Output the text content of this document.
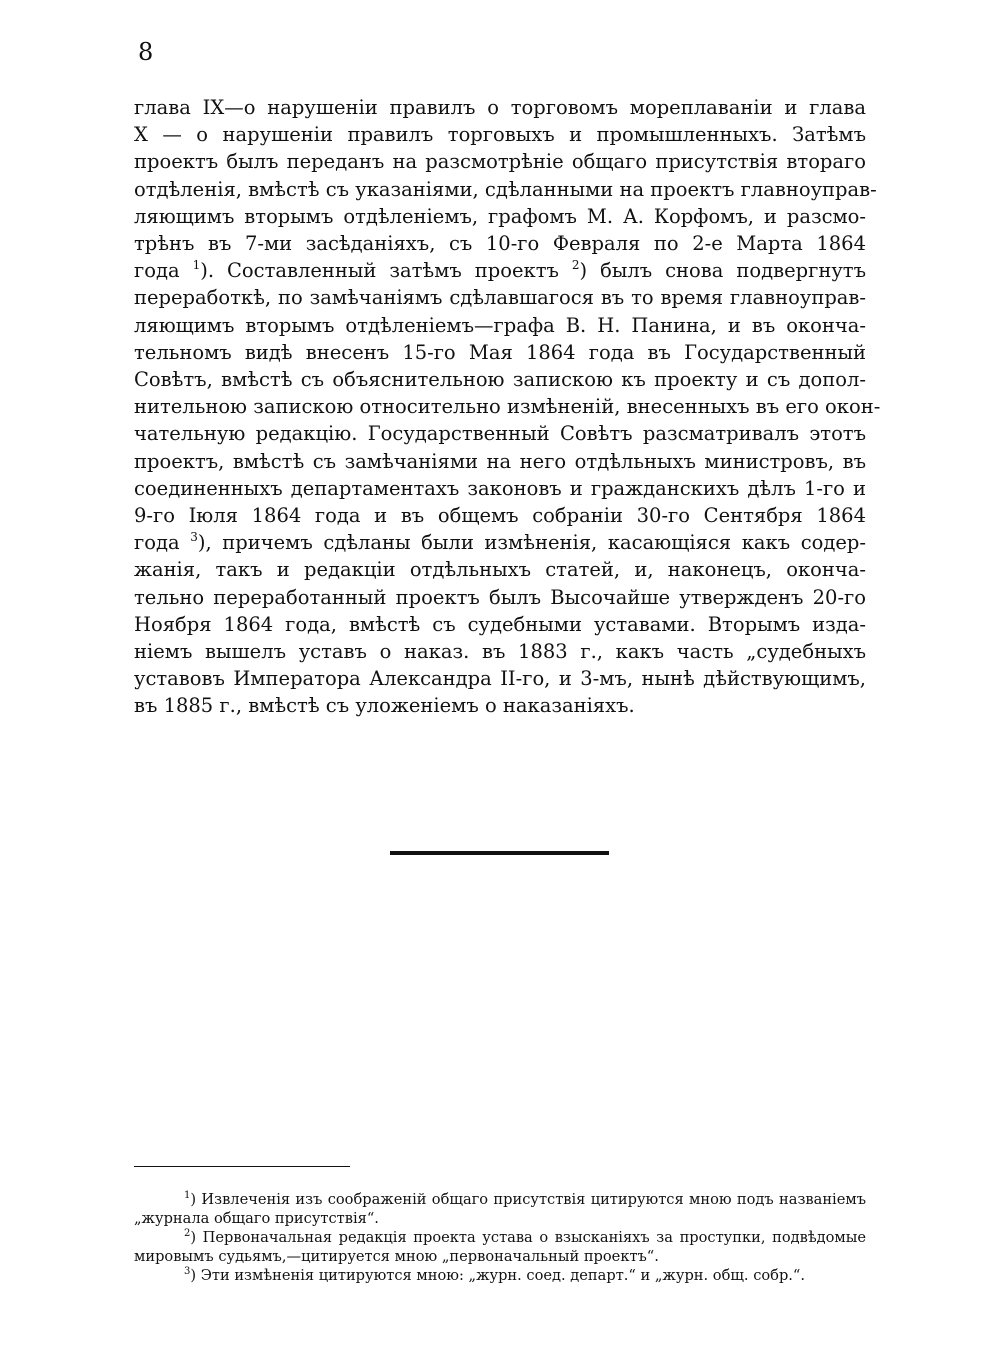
8
глава IX—о нарушеніи правилъ о торговомъ мореплаваніи и глава
X — о нарушеніи правилъ торговыхъ и промышленныхъ. Затѣмъ
проектъ былъ переданъ на разсмотрѣніе общаго присутствія втораго
отдѣленія, вмѣстѣ съ указаніями, сдѣланными на проектъ главноуправ-
ляющимъ вторымъ отдѣленіемъ, графомъ М. А. Корфомъ, и разсмо-
трѣнъ въ 7-ми засѣданіяхъ, съ 10-го Февраля по 2-е Марта 1864
года $^1$). Составленный затѣмъ проектъ $^2$) былъ снова подвергнутъ
переработкѣ, по замѣчаніямъ сдѣлавшагося въ то время главноуправ-
ляющимъ вторымъ отдѣленіемъ—графа В. Н. Панина, и въ оконча-
тельномъ видѣ внесенъ 15-го Мая 1864 года въ Государственный
Совѣтъ, вмѣстѣ съ объяснительною запискою къ проекту и съ допол-
нительною запискою относительно измѣненій, внесенныхъ въ его окон-
чательную редакцію. Государственный Совѣтъ разсматривалъ этотъ
проектъ, вмѣстѣ съ замѣчаніями на него отдѣльныхъ министровъ, въ
соединенныхъ департаментахъ законовъ и гражданскихъ дѣлъ 1-го и
9-го Іюля 1864 года и въ общемъ собраніи 30-го Сентября 1864
года $^3$), причемъ сдѣланы были измѣненія, касающіяся какъ содер-
жанія, такъ и редакціи отдѣльныхъ статей, и, наконецъ, оконча-
тельно переработанный проектъ былъ Высочайше утвержденъ 20-го
Ноября 1864 года, вмѣстѣ съ судебными уставами. Вторымъ изда-
ніемъ вышелъ уставъ о наказ. въ 1883 г., какъ часть „судебныхъ
уставовъ Императора Александра II-го, и 3-мъ, нынѣ дѣйствующимъ,
въ 1885 г., вмѣстѣ съ уложеніемъ о наказаніяхъ.
$^1$) Извлеченія изъ соображеній общаго присутствія цитируются мною подъ названіемъ
„журнала общаго присутствія“.
$^2$) Первоначальная редакція проекта устава о взысканіяхъ за проступки, подвѣдомые
мировымъ судьямъ,—цитируется мною „первоначальный проектъ“.
$^3$) Эти измѣненія цитируются мною: „журн. соед. департ.“ и „журн. общ. собр.“.
